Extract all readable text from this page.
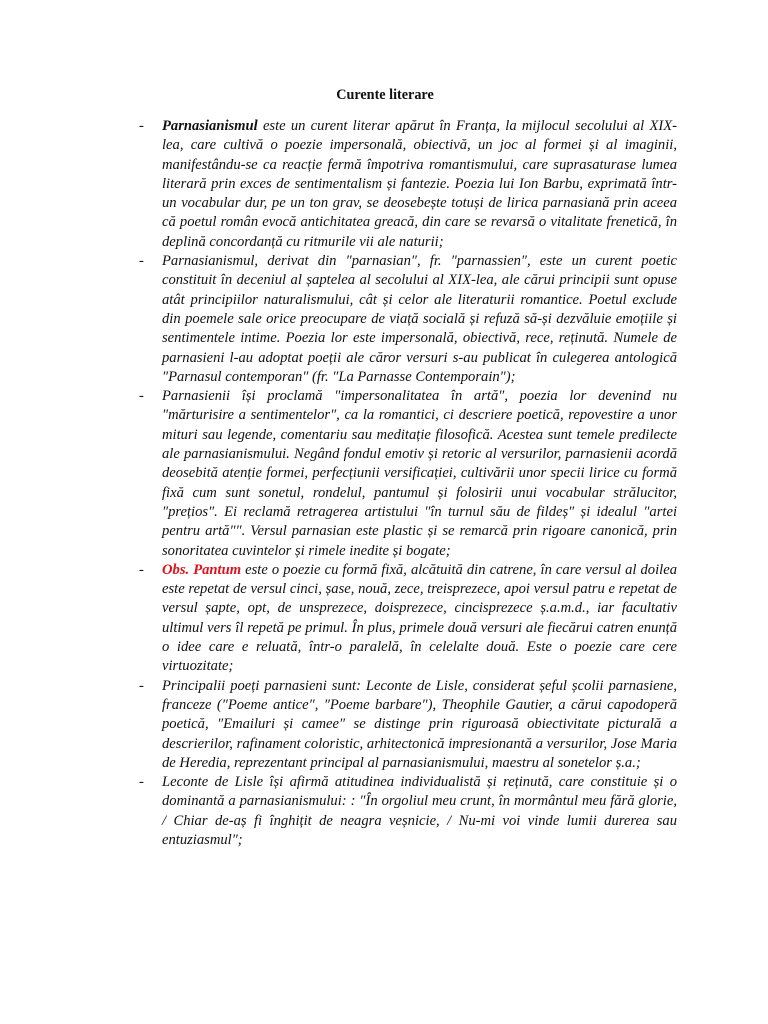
Curente literare
-	Parnasianismul este un curent literar apărut în Franța, la mijlocul secolului al XIX-lea, care cultivă o poezie impersonală, obiectivă, un joc al formei și al imaginii, manifestându-se ca reacție fermă împotriva romantismului, care suprasaturase lumea literară prin exces de sentimentalism și fantezie. Poezia lui Ion Barbu, exprimată într-un vocabular dur, pe un ton grav, se deosebește totuși de lirica parnasiană prin aceea că poetul român evocă antichitatea greacă, din care se revarsă o vitalitate frenetică, în deplină concordanță cu ritmurile vii ale naturii;

-	Parnasianismul, derivat din ″parnasian″, fr. ″parnassien″, este un curent poetic constituit în deceniul al șaptelea al secolului al XIX-lea, ale cărui principii sunt opuse atât principiilor naturalismului, cât și celor ale literaturii romantice. Poetul exclude din poemele sale orice preocupare de viață socială și refuză să-și dezvăluie emoțiile și sentimentele intime. Poezia lor este impersonală, obiectivă, rece, reținută. Numele de parnasieni l-au adoptat poeții ale căror versuri s-au publicat în culegerea antologică ″Parnasul contemporan″ (fr. ″La Parnasse Contemporain″);

-	Parnasienii își proclamă ″impersonalitatea în artă″, poezia lor devenind nu ″mărturisire a sentimentelor″, ca la romantici, ci descriere poetică, repovestire a unor mituri sau legende, comentariu sau meditație filosofică. Acestea sunt temele predilecte ale parnasianismului. Negând fondul emotiv și retoric al versurilor, parnasienii acordă deosebită atenție formei, perfecțiunii versificației, cultivării unor specii lirice cu formă fixă cum sunt sonetul, rondelul, pantumul și folosirii unui vocabular strălucitor, ″prețios″. Ei reclamă retragerea artistului ″în turnul său de fildeș″ și idealul ″artei pentru artă″″. Versul parnasian este plastic și se remarcă prin rigoare canonică, prin sonoritatea cuvintelor și rimele inedite și bogate;

-	Obs. Pantum este o poezie cu formă fixă, alcătuită din catrene, în care versul al doilea este repetat de versul cinci, șase, nouă, zece, treisprezece, apoi versul patru e repetat de versul șapte, opt, de unsprezece, doisprezece, cincisprezece ș.a.m.d., iar facultativ ultimul vers îl repetă pe primul. În plus, primele două versuri ale fiecărui catren enunță o idee care e reluată, într-o paralelă, în celelalte două. Este o poezie care cere virtuozitate;

-	Principalii poeți parnasieni sunt: Leconte de Lisle, considerat șeful școlii parnasiene, franceze (″Poeme antice″, ″Poeme barbare″), Theophile Gautier, a cărui capodoperă poetică, ″Emailuri și camee″ se distinge prin riguroasă obiectivitate picturală a descrierilor, rafinament coloristic, arhitectonică impresionantă a versurilor, Jose Maria de Heredia, reprezentant principal al parnasianismului, maestru al sonetelor ș.a.;

-	Leconte de Lisle își afirmă atitudinea individualistă și reținută, care constituie și o dominantă a parnasianismului: : ″În orgoliul meu crunt, în mormântul meu fără glorie, / Chiar de-aș fi înghițit de neagra veșnicie, / Nu-mi voi vinde lumii durerea sau entuziasmul″;
